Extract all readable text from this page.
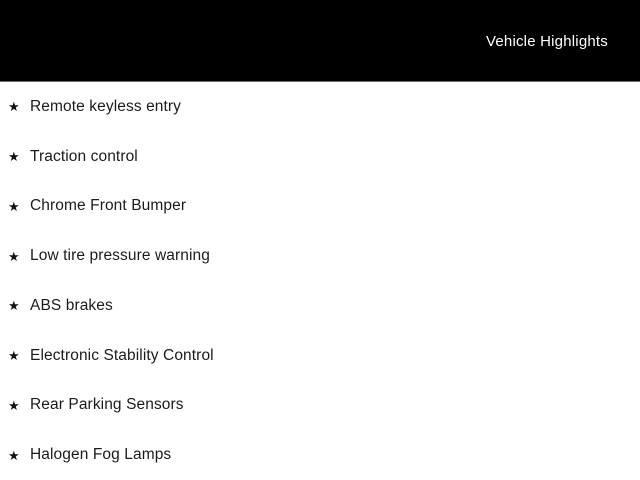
Vehicle Highlights
★ Remote keyless entry
★ Traction control
★ Chrome Front Bumper
★ Low tire pressure warning
★ ABS brakes
★ Electronic Stability Control
★ Rear Parking Sensors
★ Halogen Fog Lamps
